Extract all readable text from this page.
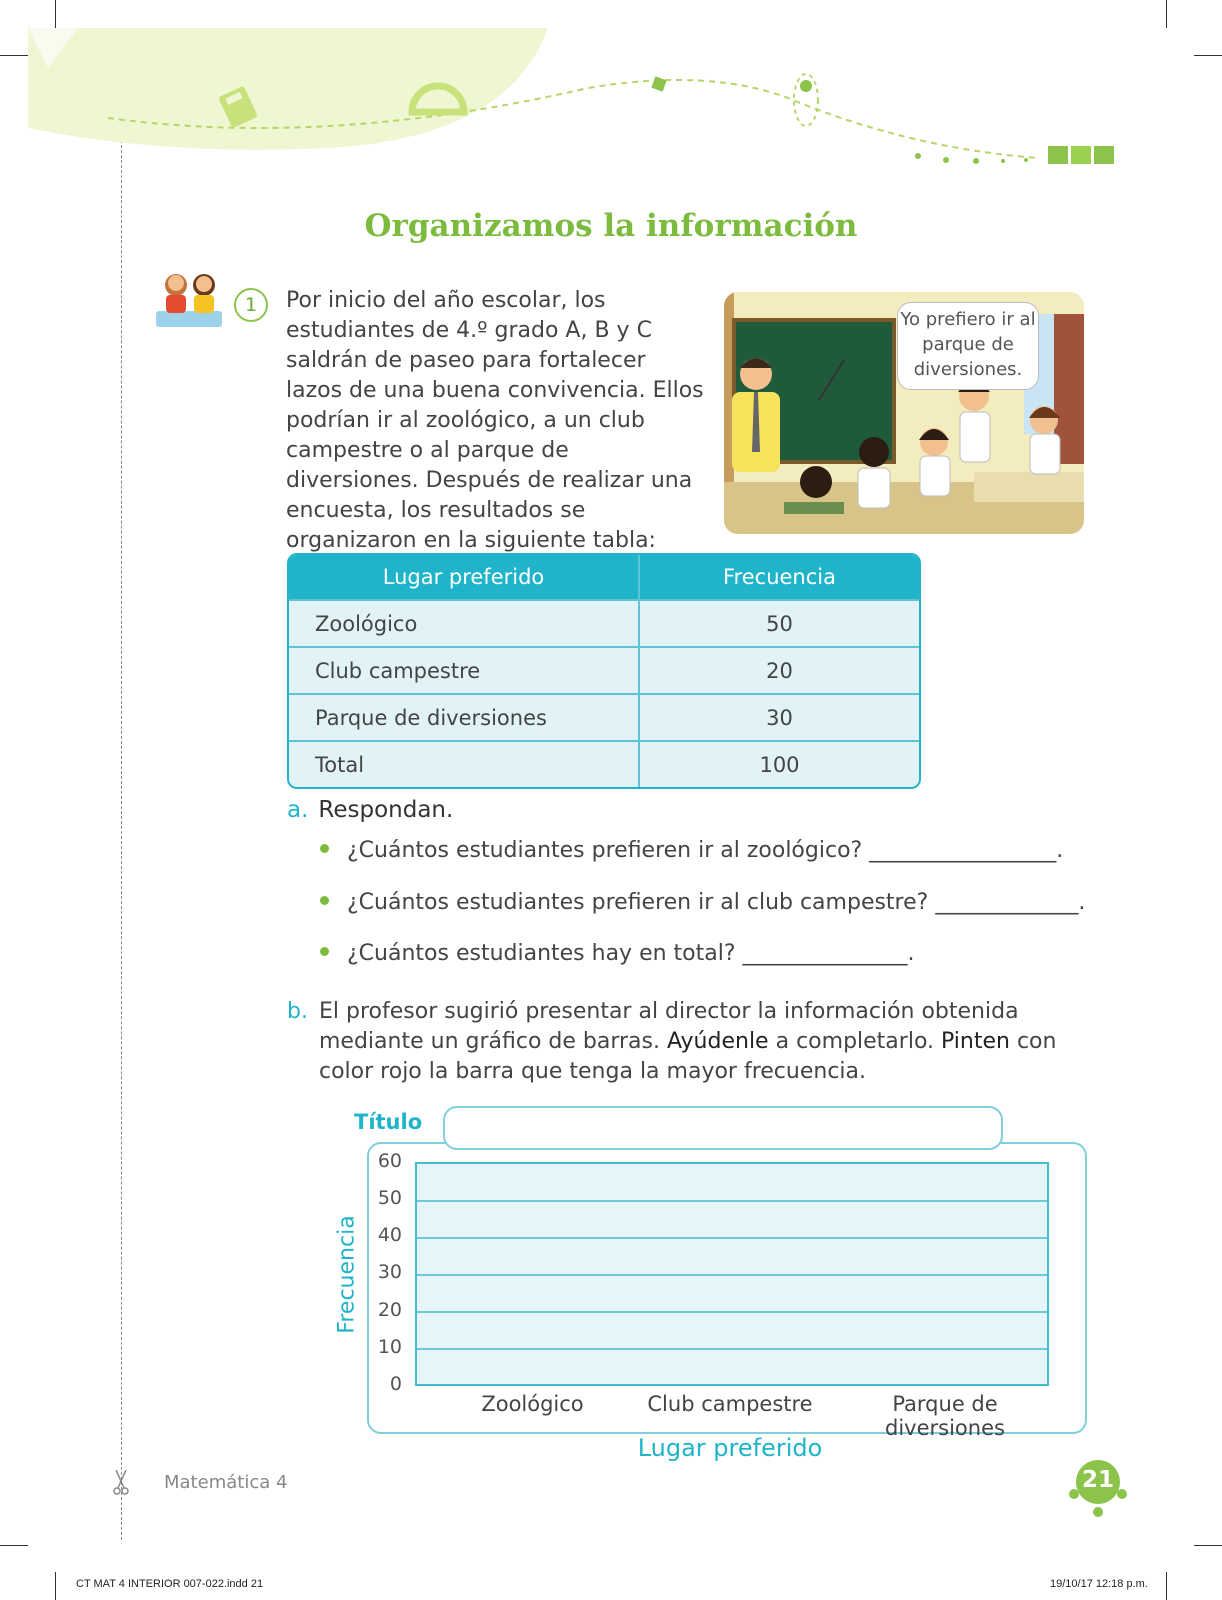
Organizamos la información
1	Por inicio del año escolar, los estudiantes de 4.º grado A, B y C saldrán de paseo para fortalecer lazos de una buena convivencia. Ellos podrían ir al zoológico, a un club campestre o al parque de diversiones. Después de realizar una encuesta, los resultados se organizaron en la siguiente tabla:
Yo prefiero ir al parque de diversiones.
Lugar preferido	Frecuencia
Zoológico	50
Club campestre	20
Parque de diversiones	30
Total	100
a. Respondan.
¿Cuántos estudiantes prefieren ir al zoológico? _________________.
¿Cuántos estudiantes prefieren ir al club campestre? _____________.
¿Cuántos estudiantes hay en total? _______________.
b. El profesor sugirió presentar al director la información obtenida mediante un gráfico de barras. Ayúdenle a completarlo. Pinten con color rojo la barra que tenga la mayor frecuencia.
Título
60
50
40
30
20
10
0
Frecuencia
Zoológico	Club campestre	Parque de diversiones
Lugar preferido
Matemática 4	21
CT MAT 4 INTERIOR 007-022.indd 21	19/10/17 12:18 p.m.
